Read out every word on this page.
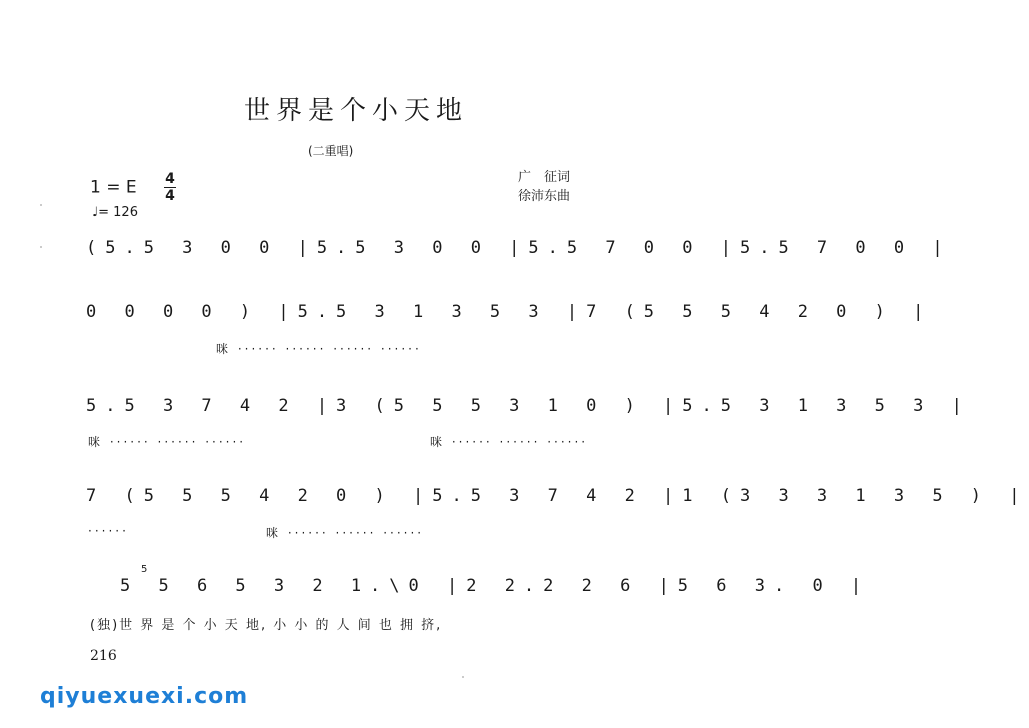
世界是个小天地
(二重唱)
广　征词
徐沛东曲
1 = E $\frac{4}{4}$
♩= 126
(5.5 3 0 0 |5.5 3 0 0 |5.5 7 0 0 |5.5 7 0 0 |
0 0 0 0 ) |5.5 3 1 3 5 3 |7 (5 5 5 4 2 0 ) |
咪 ······ ······ ······ ······
5.5 3 7 4 2 |3 (5 5 5 3 1 0 ) |5.5 3 1 3 5 3 |
咪 ······ ······ ······	咪 ······ ······ ······
7 (5 5 5 4 2 0 ) |5.5 3 7 4 2 |1 (3 3 3 1 3 5 ) |
······	咪 ······ ······ ······
5
5 5 6 5 3 2 1.\0 |2 2.2 2 6 |5 6 3. 0 |
(独)世 界 是 个 小 天 地, 小 小 的 人 间 也 拥 挤,
216
qiyuexuexi.com
